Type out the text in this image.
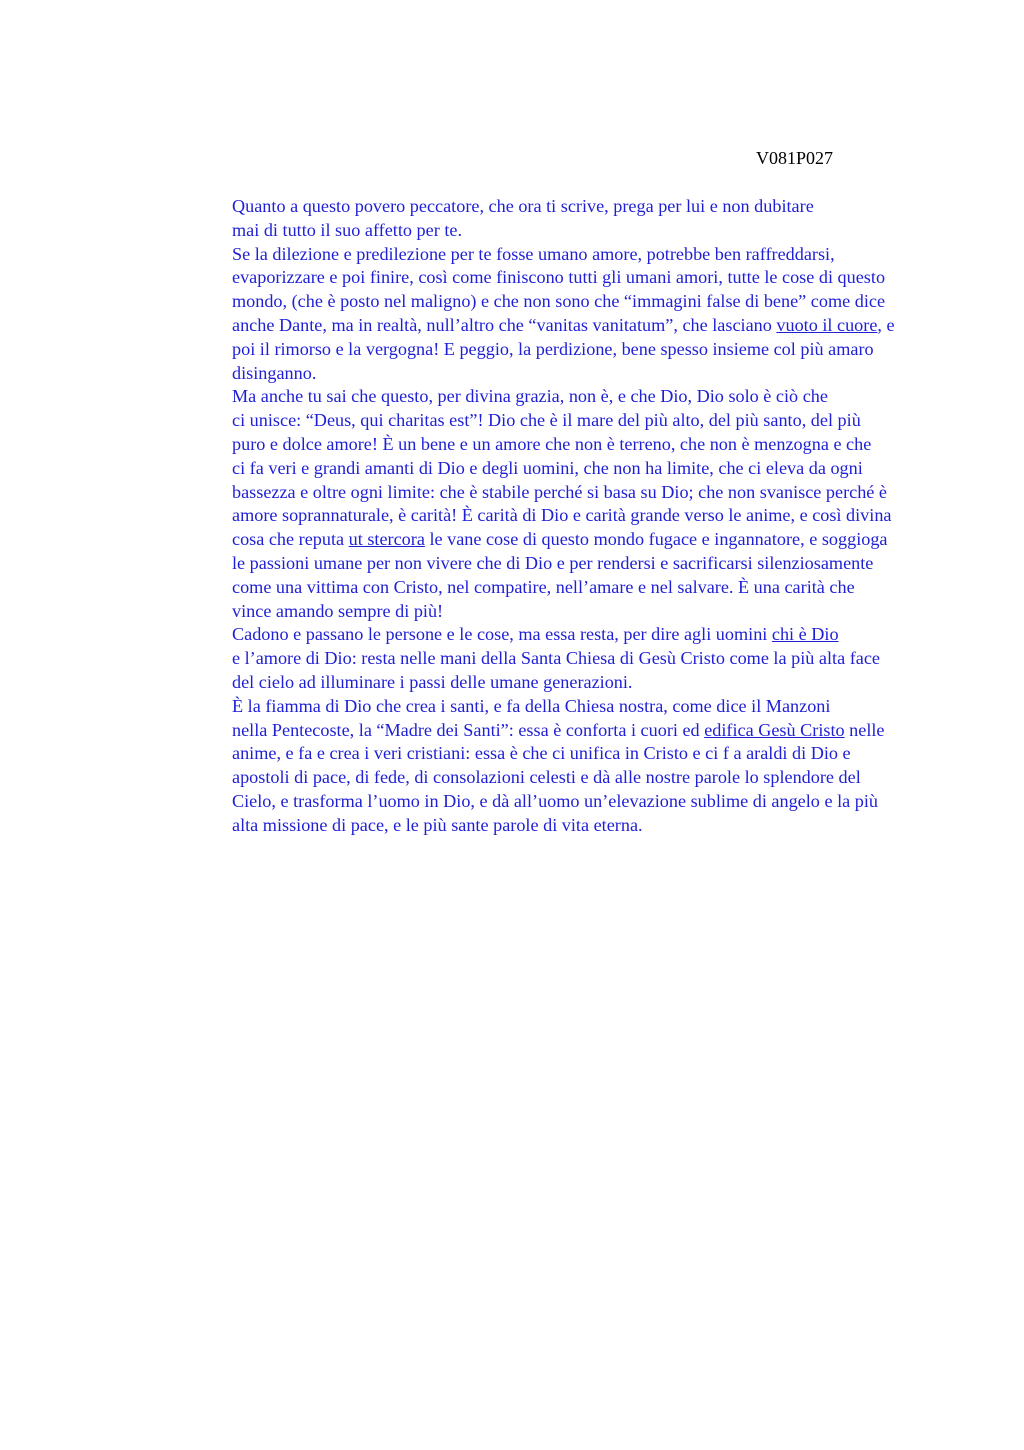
V081P027

Quanto a questo povero peccatore, che ora ti scrive, prega per lui e non dubitare
mai di tutto il suo affetto per te.

Se la dilezione e predilezione per te fosse umano amore, potrebbe ben raffreddarsi,
evaporizzare e poi finire, così come finiscono tutti gli umani amori, tutte le cose di questo
mondo, (che è posto nel maligno) e che non sono che “immagini false di bene” come dice
anche Dante, ma in realtà, null’altro che “vanitas vanitatum”, che lasciano vuoto il cuore, e
poi il rimorso e la vergogna! E peggio, la perdizione, bene spesso insieme col più amaro
disinganno.

Ma anche tu sai che questo, per divina grazia, non è, e che Dio, Dio solo è ciò che
ci unisce: “Deus, qui charitas est”! Dio che è il mare del più alto, del più santo, del più
puro e dolce amore! È un bene e un amore che non è terreno, che non è menzogna e che
ci fa veri e grandi amanti di Dio e degli uomini, che non ha limite, che ci eleva da ogni
bassezza e oltre ogni limite: che è stabile perché si basa su Dio; che non svanisce perché è
amore soprannaturale, è carità! È carità di Dio e carità grande verso le anime, e così divina
cosa che reputa ut stercora le vane cose di questo mondo fugace e ingannatore, e soggioga
le passioni umane per non vivere che di Dio e per rendersi e sacrificarsi silenziosamente
come una vittima con Cristo, nel compatire, nell’amare e nel salvare. È una carità che
vince amando sempre di più!

Cadono e passano le persone e le cose, ma essa resta, per dire agli uomini chi è Dio
e l’amore di Dio: resta nelle mani della Santa Chiesa di Gesù Cristo come la più alta face
del cielo ad illuminare i passi delle umane generazioni.

È la fiamma di Dio che crea i santi, e fa della Chiesa nostra, come dice il Manzoni
nella Pentecoste, la “Madre dei Santi”: essa è conforta i cuori ed edifica Gesù Cristo nelle
anime, e fa e crea i veri cristiani: essa è che ci unifica in Cristo e ci f a araldi di Dio e
apostoli di pace, di fede, di consolazioni celesti e dà alle nostre parole lo splendore del
Cielo, e trasforma l’uomo in Dio, e dà all’uomo un’elevazione sublime di angelo e la più
alta missione di pace, e le più sante parole di vita eterna.
